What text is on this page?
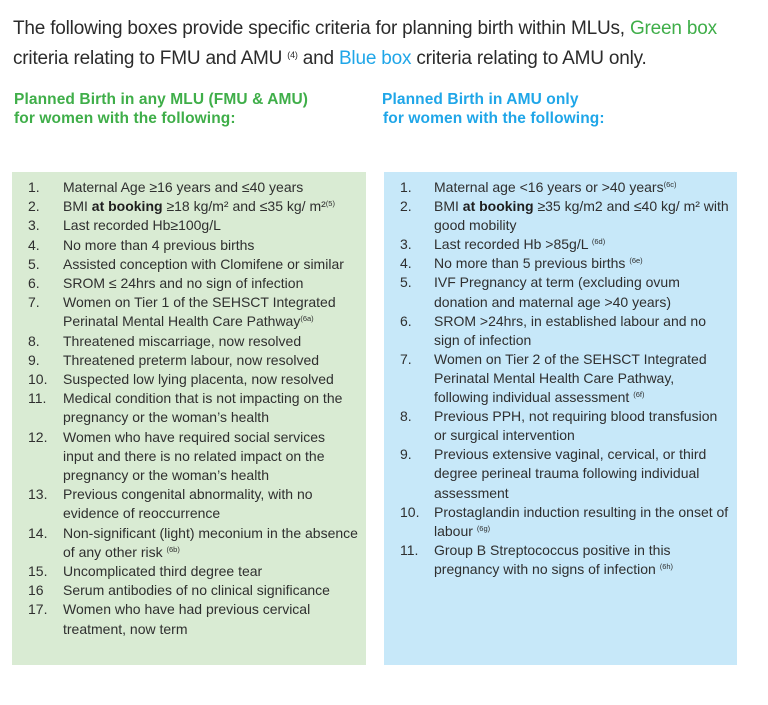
The following boxes provide specific criteria for planning birth within MLUs, Green box criteria relating to FMU and AMU $^{(4)}$ and Blue box criteria relating to AMU only.
Planned Birth in any MLU (FMU & AMU)
for women with the following:
Planned Birth in AMU only
for women with the following:
1.	Maternal Age ≥16 years and ≤40 years
2.	BMI at booking ≥18 kg/m² and ≤35 kg/ m²$^{(5)}$
3.	Last recorded Hb≥100g/L
4.	No more than 4 previous births
5.	Assisted conception with Clomifene or similar
6.	SROM ≤ 24hrs and no sign of infection
7.	Women on Tier 1 of the SEHSCT Integrated Perinatal Mental Health Care Pathway$^{(6a)}$
8.	Threatened miscarriage, now resolved
9.	Threatened preterm labour, now resolved
10.	Suspected low lying placenta, now resolved
11.	Medical condition that is not impacting on the pregnancy or the woman’s health
12.	Women who have required social services input and there is no related impact on the pregnancy or the woman’s health
13.	Previous congenital abnormality, with no evidence of reoccurrence
14.	Non-significant (light) meconium in the absence of any other risk $^{(6b)}$
15.	Uncomplicated third degree tear
16	Serum antibodies of no clinical significance
17.	Women who have had previous cervical treatment, now term
1.	Maternal age <16 years or >40 years$^{(6c)}$
2.	BMI at booking ≥35 kg/m2 and ≤40 kg/ m² with good mobility
3.	Last recorded Hb >85g/L $^{(6d)}$
4.	No more than 5 previous births $^{(6e)}$
5.	IVF Pregnancy at term (excluding ovum donation and maternal age >40 years)
6.	SROM >24hrs, in established labour and no sign of infection
7.	Women on Tier 2 of the SEHSCT Integrated Perinatal Mental Health Care Pathway, following individual assessment $^{(6f)}$
8.	Previous PPH, not requiring blood transfusion or surgical intervention
9.	Previous extensive vaginal, cervical, or third degree perineal trauma following individual assessment
10.	Prostaglandin induction resulting in the onset of labour $^{(6g)}$
11.	Group B Streptococcus positive in this pregnancy with no signs of infection $^{(6h)}$
